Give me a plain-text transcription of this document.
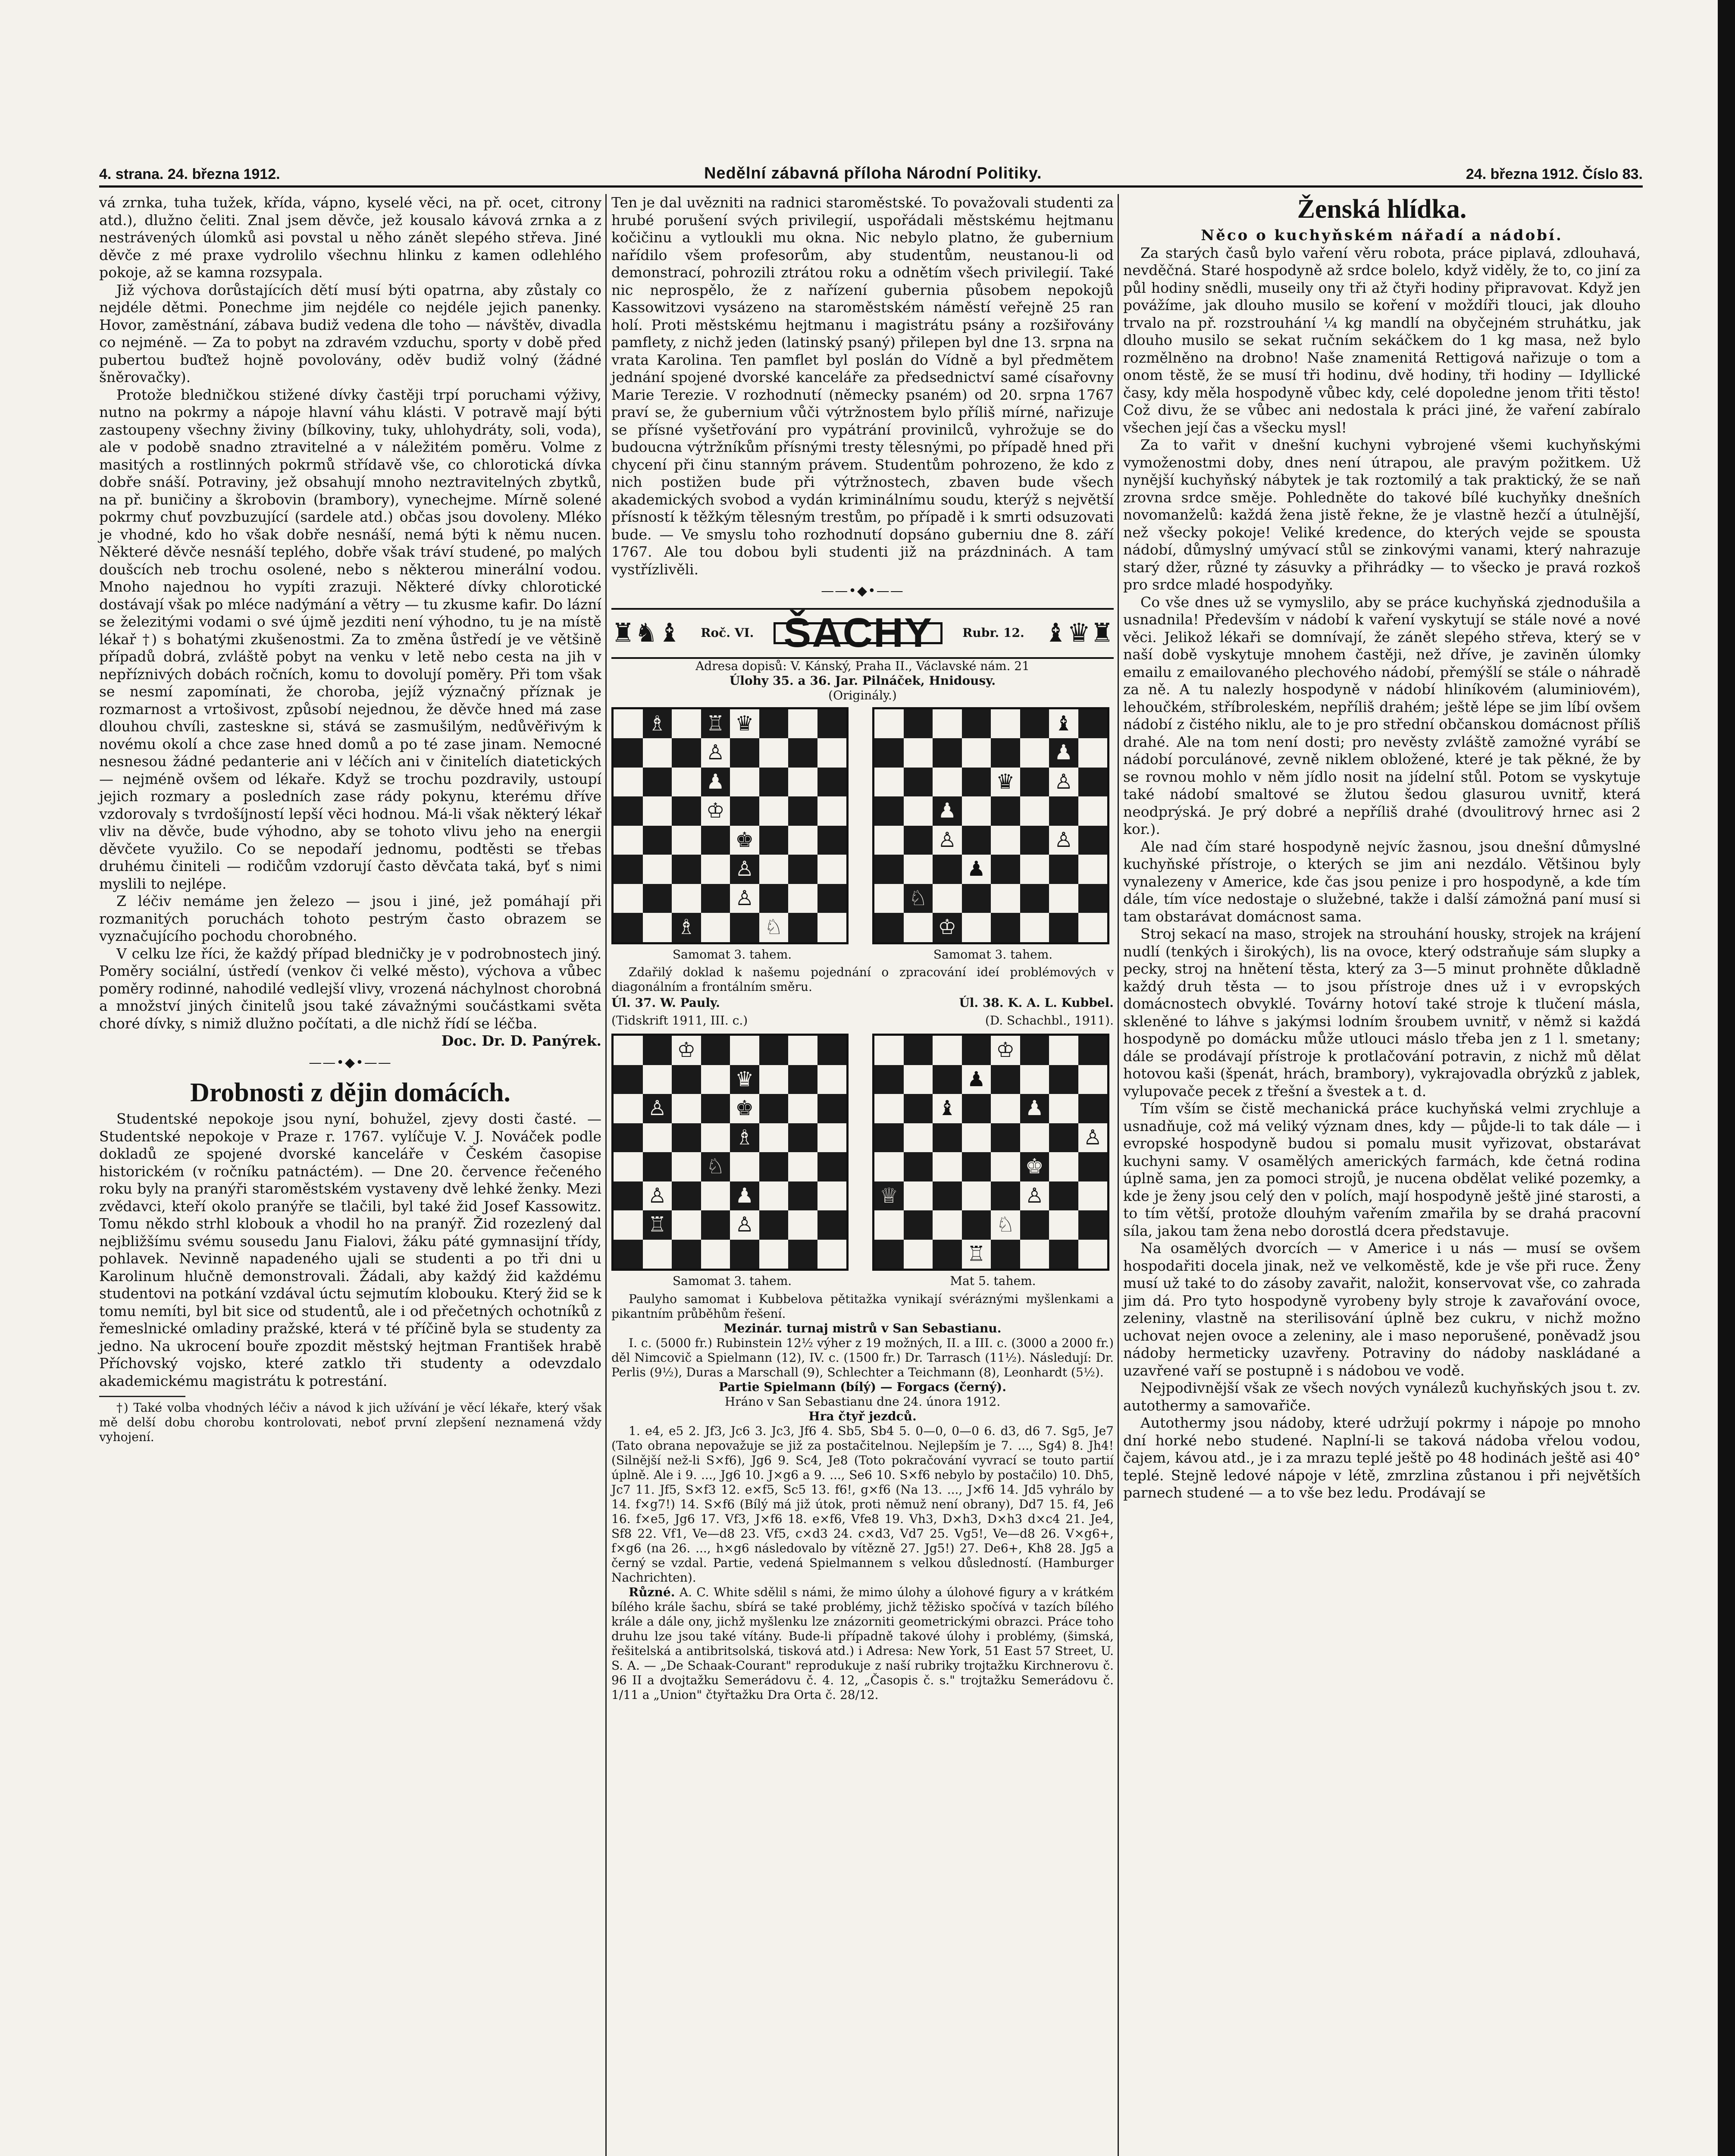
4. strana. 24. března 1912.	Nedělní zábavná příloha Národní Politiky.	24. března 1912. Číslo 83.

vá zrnka, tuha tužek, křída, vápno, kyselé věci, na př. ocet, citrony atd.), dlužno čeliti. Znal jsem děvče, jež kousalo kávová zrnka a z nestrávených úlomků asi povstal u něho zánět slepého střeva. Jiné děvče z mé praxe vydrolilo všechnu hlinku z kamen odlehlého pokoje, až se kamna rozsypala.

Již výchova dorůstajících dětí musí býti opatrna, aby zůstaly co nejdéle dětmi. Ponechme jim nejdéle co nejdéle jejich panenky. Hovor, zaměstnání, zábava budiž vedena dle toho — návštěv, divadla co nejméně. — Za to pobyt na zdravém vzduchu, sporty v době před pubertou buďtež hojně povolovány, oděv budiž volný (žádné šněrovačky).

Protože bledničkou stižené dívky častěji trpí poruchami výživy, nutno na pokrmy a nápoje hlavní váhu klásti. V potravě mají býti zastoupeny všechny živiny (bílkoviny, tuky, uhlohydráty, soli, voda), ale v podobě snadno ztravitelné a v náležitém poměru. Volme z masitých a rostlinných pokrmů střídavě vše, co chlorotická dívka dobře snáší. Potraviny, jež obsahují mnoho neztravitelných zbytků, na př. buničiny a škrobovin (brambory), vynechejme. Mírně solené pokrmy chuť povzbuzující (sardele atd.) občas jsou dovoleny. Mléko je vhodné, kdo ho však dobře nesnáší, nemá býti k němu nucen. Některé děvče nesnáší teplého, dobře však tráví studené, po malých doušcích neb trochu osolené, nebo s některou minerální vodou. Mnoho najednou ho vypíti zrazuji. Některé dívky chlorotické dostávají však po mléce nadýmání a větry — tu zkusme kafir. Do lázní se železitými vodami o své újmě jezditi není výhodno, tu je na místě lékař †) s bohatými zkušenostmi. Za to změna ůstředí je ve většině případů dobrá, zvláště pobyt na venku v letě nebo cesta na jih v nepříznivých dobách ročních, komu to dovolují poměry. Při tom však se nesmí zapomínati, že choroba, jejíž význačný příznak je rozmarnost a vrtošivost, způsobí nejednou, že děvče hned má zase dlouhou chvíli, zastesknе si, stává se zasmušilým, nedůvěřivým k novému okolí a chce zase hned domů a po té zase jinam. Nemocné nesnesou žádné pedanterie ani v léčích ani v činitelích diatetických — nejméně ovšem od lékaře. Když se trochu pozdravily, ustoupí jejich rozmary a posledních zase rády pokynu, kterému dříve vzdorovaly s tvrdošíjností lepší věci hodnou. Má-li však některý lékař vliv na děvče, bude výhodno, aby se tohoto vlivu jeho na energii děvčete využilo. Co se nepodaří jednomu, podtěsti se třebas druhému činiteli — rodičům vzdorují často děvčata taká, byť s nimi myslili to nejlépe.

Z léčiv nemáme jen železo — jsou i jiné, jež pomáhají při rozmanitých poruchách tohoto pestrým často obrazem se vyznačujícího pochodu chorobného.

V celku lze říci, že každý případ bledničky je v podrobnostech jiný. Poměry sociální, ústředí (venkov či velké město), výchova a vůbec poměry rodinné, nahodilé vedlejší vlivy, vrozená náchylnost chorobná a množství jiných činitelů jsou také závažnými součástkami světa choré dívky, s nimiž dlužno počítati, a dle nichž řídí se léčba.

Doc. Dr. D. Panýrek.
——•◆•——
Drobnosti z dějin domácích.

Studentské nepokoje jsou nyní, bohužel, zjevy dosti časté. — Studentské nepokoje v Praze r. 1767. vylíčuje V. J. Nováček podle dokladů ze spojené dvorské kanceláře v Českém časopise historickém (v ročníku patnáctém). — Dne 20. července řečeného roku byly na pranýři staroměstském vystaveny dvě lehké ženky. Mezi zvědavci, kteří okolo pranýře se tlačili, byl také žid Josef Kassowitz. Tomu někdo strhl klobouk a vhodil ho na pranýř. Žid rozezlený dal nejbližšímu svému sousedu Janu Fialovi, žáku páté gymnasijní třídy, pohlavek. Nevinně napadeného ujali se studenti a po tři dni u Karolinum hlučně demonstrovali. Žádali, aby každý žid každému studentovi na potkání vzdával úctu sejmutím klobouku. Který žid se k tomu nemíti, byl bit sice od studentů, ale i od přečetných ochotníků z řemeslnické omladiny pražské, která v té příčině byla se studenty za jedno. Na ukrocení bouře zpozdit městský hejtman František hrabě Příchovský vojsko, které zatklo tři studenty a odevzdalo akademickému magistrátu k potrestání.

†) Také volba vhodných léčiv a návod k jich užívání je věcí lékaře, který však mě delší dobu chorobu kontrolovati, neboť první zlepšení neznamená vždy vyhojení.

Ten je dal uvězniti na radnici staroměstské. To považovali studenti za hrubé porušení svých privilegií, uspořádali městskému hejtmanu kočičinu a vytloukli mu okna. Nic nebylo platno, že gubernium nařídilo všem profesorům, aby studentům, neustanou-li od demonstrací, pohrozili ztrátou roku a odnětím všech privilegií. Také nic neprospělo, že z nařízení gubernia působem nepokojů Kassowitzovi vysázeno na staroměstském náměstí veřejně 25 ran holí. Proti městskému hejtmanu i magistrátu psány a rozšiřovány pamflety, z nichž jeden (latinský psaný) přilepen byl dne 13. srpna na vrata Karolina. Ten pamflet byl poslán do Vídně a byl předmětem jednání spojené dvorské kanceláře za předsednictví samé císařovny Marie Terezie. V rozhodnutí (německy psaném) od 20. srpna 1767 praví se, že gubernium vůči výtržnostem bylo příliš mírné, nařizuje se přísné vyšetřování pro vypátrání provinilců, vyhrožuje se do budoucna výtržníkům přísnými tresty tělesnými, po případě hned při chycení při činu stanným právem. Studentům pohrozeno, že kdo z nich postižen bude při výtržnostech, zbaven bude všech akademických svobod a vydán kriminálnímu soudu, kterýž s největší přísností k těžkým tělesným trestům, po případě i k smrti odsuzovati bude. — Ve smyslu toho rozhodnutí dopsáno guberniu dne 8. září 1767. Ale tou dobou byli studenti již na prázdninách. A tam vystřízlivěli.

——•◆•——
♜♞♝ Roč. VI. ŠACHY	Rubr. 12. ♝♛♜
Adresa dopisů: V. Kánský, Praha II., Václavské nám. 21
Úlohy 35. a 36. Jar. Pilnáček, Hnidousy.
(Originály.)
♗ ♖ ♛
♙
♟
♔
♚
♙
♙
♗	♘
Samomat 3. tahem.
♝
♟
♛ ♙
♟
♙	♙
♟
♘
♔
Samomat 3. tahem.

Zdařilý doklad k našemu pojednání o zpracování ideí problémových v diagonálním a frontálním směru.

Úl. 37. W. Pauly.	Úl. 38. K. A. L. Kubbel.
(Tidskrift 1911, III. c.)	(D. Schachbl., 1911).
♔
♛
♙	♚
♗
♘
♙	♟
♖	♙
Samomat 3. tahem.
♔
♟
♝	♟
♙
♚
♕	♙
♘
♖
Mat 5. tahem.

Paulyho samomat i Kubbelova pětitažka vynikají svéráznými myšlenkami a pikantním průběhům řešení.

Mezinár. turnaj mistrů v San Sebastianu.

I. c. (5000 fr.) Rubinstein 12½ výher z 19 možných, II. a III. c. (3000 a 2000 fr.) děl Nimcovič a Spielmann (12), IV. c. (1500 fr.) Dr. Tarrasch (11½). Následují: Dr. Perlis (9½), Duras a Marschall (9), Schlechter a Teichmann (8), Leonhardt (5½).

Partie Spielmann (bílý) — Forgacs (černý).
Hráno v San Sebastianu dne 24. února 1912.
Hra čtyř jezdců.

1. e4, e5 2. Jf3, Jc6 3. Jc3, Jf6 4. Sb5, Sb4 5. 0—0, 0—0 6. d3, d6 7. Sg5, Je7 (Tato obrana nepovažuje se již za postačitelnou. Nejlepším je 7. ..., Sg4) 8. Jh4! (Silnější než-li S×f6), Jg6 9. Sc4, Je8 (Toto pokračování vyvrací se touto partií úplně. Ale i 9. ..., Jg6 10. J×g6 a 9. ..., Se6 10. S×f6 nebylo by postačilo) 10. Dh5, Jc7 11. Jf5, S×f3 12. e×f5, Sc5 13. f6!, g×f6 (Na 13. ..., J×f6 14. Jd5 vyhrálo by 14. f×g7!) 14. S×f6 (Bílý má již útok, proti němuž není obrany), Dd7 15. f4, Je6 16. f×e5, Jg6 17. Vf3, J×f6 18. e×f6, Vfe8 19. Vh3, D×h3, D×h3 d×c4 21. Je4, Sf8 22. Vf1, Ve—d8 23. Vf5, c×d3 24. c×d3, Vd7 25. Vg5!, Ve—d8 26. V×g6+, f×g6 (na 26. ..., h×g6 následovalo by vítězně 27. Jg5!) 27. De6+, Kh8 28. Jg5 a černý se vzdal. Partie, vedená Spielmannem s velkou důsledností. (Hamburger Nachrichten).

Různé. A. C. White sdělil s námi, že mimo úlohy a úlohové figury a v krátkém bílého krále šachu, sbírá se také problémy, jichž těžisko spočívá v tazích bílého krále a dále ony, jichž myšlenku lze znázorniti geometrickými obrazci. Práce toho druhu lze jsou také vítány. Bude-li případně takové úlohy i problémy, (šimská, řešitelská a antibritsolská, tisková atd.) i Adresa: New York, 51 East 57 Street, U. S. A. — „De Schaak-Courant" reprodukuje z naší rubriky trojtažku Kirchnerovu č. 96 II a dvojtažku Semerádovu č. 4. 12, „Časopis č. s." trojtažku Semerádovu č. 1/11 a „Union" čtyřtažku Dra Orta č. 28/12.

Ženská hlídka.
Něco o kuchyňském nářadí a nádobí.

Za starých časů bylo vaření věru robota, práce piplavá, zdlouhavá, nevděčná. Staré hospodyně až srdce bolelo, když viděly, že to, co jiní za půl hodiny snědli, museily ony tři až čtyři hodiny připravovat. Když jen povážíme, jak dlouho musilo se koření v moždíři tlouci, jak dlouho trvalo na př. rozstrouhání ¼ kg mandlí na obyčejném struhátku, jak dlouho musilo se sekat ručním sekáčkem do 1 kg masa, než bylo rozmělněno na drobno! Naše znamenitá Rettigová nařizuje o tom a onom těstě, že se musí tři hodinu, dvě hodiny, tři hodiny — Idyllické časy, kdy měla hospodyně vůbec kdy, celé dopoledne jenom třiti těsto! Což divu, že se vůbec ani nedostala k práci jiné, že vaření zabíralo všechen její čas a všecku mysl!

Za to vařit v dnešní kuchyni vybrojené všemi kuchyňskými vymoženostmi doby, dnes není útrapou, ale pravým požitkem. Už nynější kuchyňský nábytek je tak roztomilý a tak praktický, že se naň zrovna srdce směje. Pohledněte do takové bílé kuchyňky dnešních novomanželů: každá žena jistě řekne, že je vlastně hezčí a útulnější, než všecky pokoje! Veliké kredence, do kterých vejde se spousta nádobí, důmyslný umývací stůl se zinkovými vanami, který nahrazuje starý džer, různé ty zásuvky a přihrádky — to všecko je pravá rozkoš pro srdce mladé hospodyňky.

Co vše dnes už se vymyslilo, aby se práce kuchyňská zjednodušila a usnadnila! Především v nádobí k vaření vyskytují se stále nové a nové věci. Jelikož lékaři se domnívají, že zánět slepého střeva, který se v naší době vyskytuje mnohem častěji, než dříve, je zaviněn úlomky emailu z emailovaného plechového nádobí, přemýšlí se stále o náhradě za ně. A tu nalezly hospodyně v nádobí hliníkovém (aluminiovém), lehoučkém, stříbroleském, nepříliš drahém; ještě lépe se jim líbí ovšem nádobí z čistého niklu, ale to je pro střední občanskou domácnost příliš drahé. Ale na tom není dosti; pro nevěsty zvláště zamožné vyrábí se nádobí porculánové, zevně niklem obložené, které je tak pěkné, že by se rovnou mohlo v něm jídlo nosit na jídelní stůl. Potom se vyskytuje také nádobí smaltové se žlutou šedou glasurou uvnitř, která neodprýská. Je prý dobré a nepříliš drahé (dvoulitrový hrnec asi 2 kor.).

Ale nad čím staré hospodyně nejvíc žasnou, jsou dnešní důmyslné kuchyňské přístroje, o kterých se jim ani nezdálo. Většinou byly vynalezeny v Americe, kde čas jsou penize i pro hospodyně, a kde tím dále, tím více nedostaje o služebné, takže i další zámožná paní musí si tam obstarávat domácnost sama.

Stroj sekací na maso, strojek na strouhání housky, strojek na krájení nudlí (tenkých i širokých), lis na ovoce, který odstraňuje sám slupky a pecky, stroj na hnětení těsta, který za 3—5 minut prohněte důkladně každý druh těsta — to jsou přístroje dnes už i v evropských domácnostech obvyklé. Továrny hotoví také stroje k tlučení másla, skleněné to láhve s jakýmsi lodním šroubem uvnitř, v němž si každá hospodyně po domácku může utlouci máslo třeba jen z 1 l. smetany; dále se prodávají přístroje k protlačování potravin, z nichž mů dělat hotovou kaši (špenát, hrách, brambory), vykrajovadla obrýzků z jablek, vylupovače pecek z třešní a švestek a t. d.

Tím vším se čistě mechanická práce kuchyňská velmi zrychluje a usnadňuje, což má veliký význam dnes, kdy — půjde-li to tak dále — i evropské hospodyně budou si pomalu musit vyřizovat, obstarávat kuchyni samy. V osamělých amerických farmách, kde četná rodina úplně sama, jen za pomoci strojů, je nucena obdělat veliké pozemky, a kde je ženy jsou celý den v polích, mají hospodyně ještě jiné starosti, a to tím větší, protože dlouhým vařením zmařila by se drahá pracovní síla, jakou tam žena nebo dorostlá dcera představuje.

Na osamělých dvorcích — v Americe i u nás — musí se ovšem hospodařiti docela jinak, než ve velkoměstě, kde je vše při ruce. Ženy musí už také to do zásoby zavařit, naložit, konservovat vše, co zahrada jim dá. Pro tyto hospodyně vyrobeny byly stroje k zavařování ovoce, zeleniny, vlastně na sterilisování úplně bez cukru, v nichž možno uchovat nejen ovoce a zeleniny, ale i maso neporušené, poněvadž jsou nádoby hermeticky uzavřeny. Potraviny do nádoby naskládané a uzavřené vaří se postupně i s nádobou ve vodě.

Nejpodivnější však ze všech nových vynálezů kuchyňských jsou t. zv. autothermy a samovařiče.

Autothermy jsou nádoby, které udržují pokrmy i nápoje po mnoho dní horké nebo studené. Naplní-li se taková nádoba vřelou vodou, čajem, kávou atd., je i za mrazu teplé ještě po 48 hodinách ještě asi 40° teplé. Stejně ledové nápoje v létě, zmrzlina zůstanou i při největších parnech studené — a to vše bez ledu. Prodávají se
